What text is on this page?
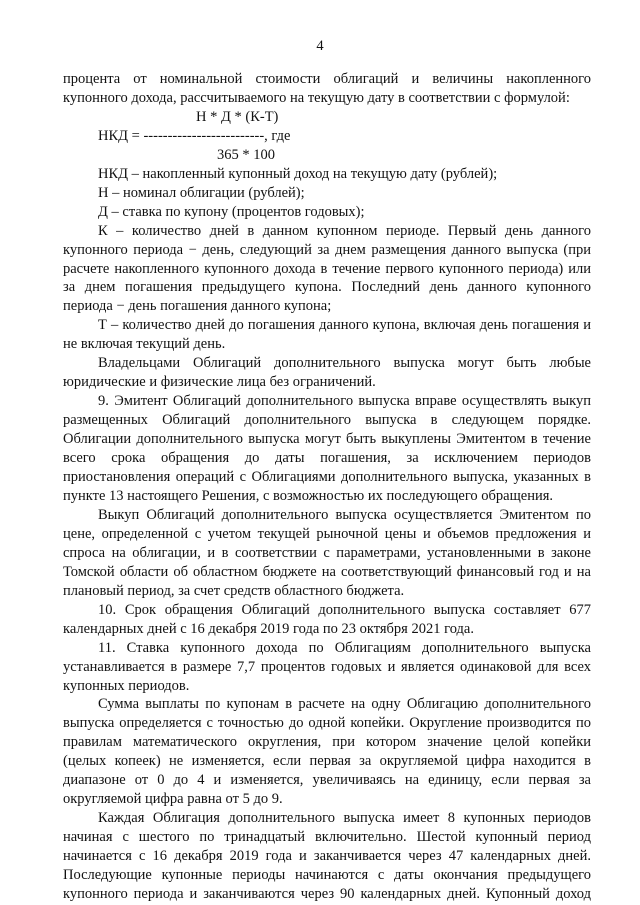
4
процента от номинальной стоимости облигаций и величины накопленного
купонного дохода, рассчитываемого на текущую дату в соответствии с формулой:
Н * Д * (К-Т)
НКД = -------------------------, где
365 * 100
НКД – накопленный купонный доход на текущую дату (рублей);
Н – номинал облигации (рублей);
Д – ставка по купону (процентов годовых);
К – количество дней в данном купонном периоде. Первый день данного
купонного периода − день, следующий за днем размещения данного выпуска (при
расчете накопленного купонного дохода в течение первого купонного периода) или
за днем погашения предыдущего купона. Последний день данного купонного
периода − день погашения данного купона;
Т – количество дней до погашения данного купона, включая день погашения и
не включая текущий день.
Владельцами Облигаций дополнительного выпуска могут быть любые
юридические и физические лица без ограничений.
9. Эмитент Облигаций дополнительного выпуска вправе осуществлять выкуп
размещенных Облигаций дополнительного выпуска в следующем порядке.
Облигации дополнительного выпуска могут быть выкуплены Эмитентом в течение
всего срока обращения до даты погашения, за исключением периодов
приостановления операций с Облигациями дополнительного выпуска, указанных в
пункте 13 настоящего Решения, с возможностью их последующего обращения.
Выкуп Облигаций дополнительного выпуска осуществляется Эмитентом по
цене, определенной с учетом текущей рыночной цены и объемов предложения и
спроса на облигации, и в соответствии с параметрами, установленными в законе
Томской области об областном бюджете на соответствующий финансовый год и на
плановый период, за счет средств областного бюджета.
10. Срок обращения Облигаций дополнительного выпуска составляет 677
календарных дней с 16 декабря 2019 года по 23 октября 2021 года.
11. Ставка купонного дохода по Облигациям дополнительного выпуска
устанавливается в размере 7,7 процентов годовых и является одинаковой для всех
купонных периодов.
Сумма выплаты по купонам в расчете на одну Облигацию дополнительного
выпуска определяется с точностью до одной копейки. Округление производится по
правилам математического округления, при котором значение целой копейки
(целых копеек) не изменяется, если первая за округляемой цифра находится в
диапазоне от 0 до 4 и изменяется, увеличиваясь на единицу, если первая за
округляемой цифра равна от 5 до 9.
Каждая Облигация дополнительного выпуска имеет 8 купонных периодов
начиная с шестого по тринадцатый включительно. Шестой купонный период
начинается с 16 декабря 2019 года и заканчивается через 47 календарных дней.
Последующие купонные периоды начинаются с даты окончания предыдущего
купонного периода и заканчиваются через 90 календарных дней. Купонный доход
